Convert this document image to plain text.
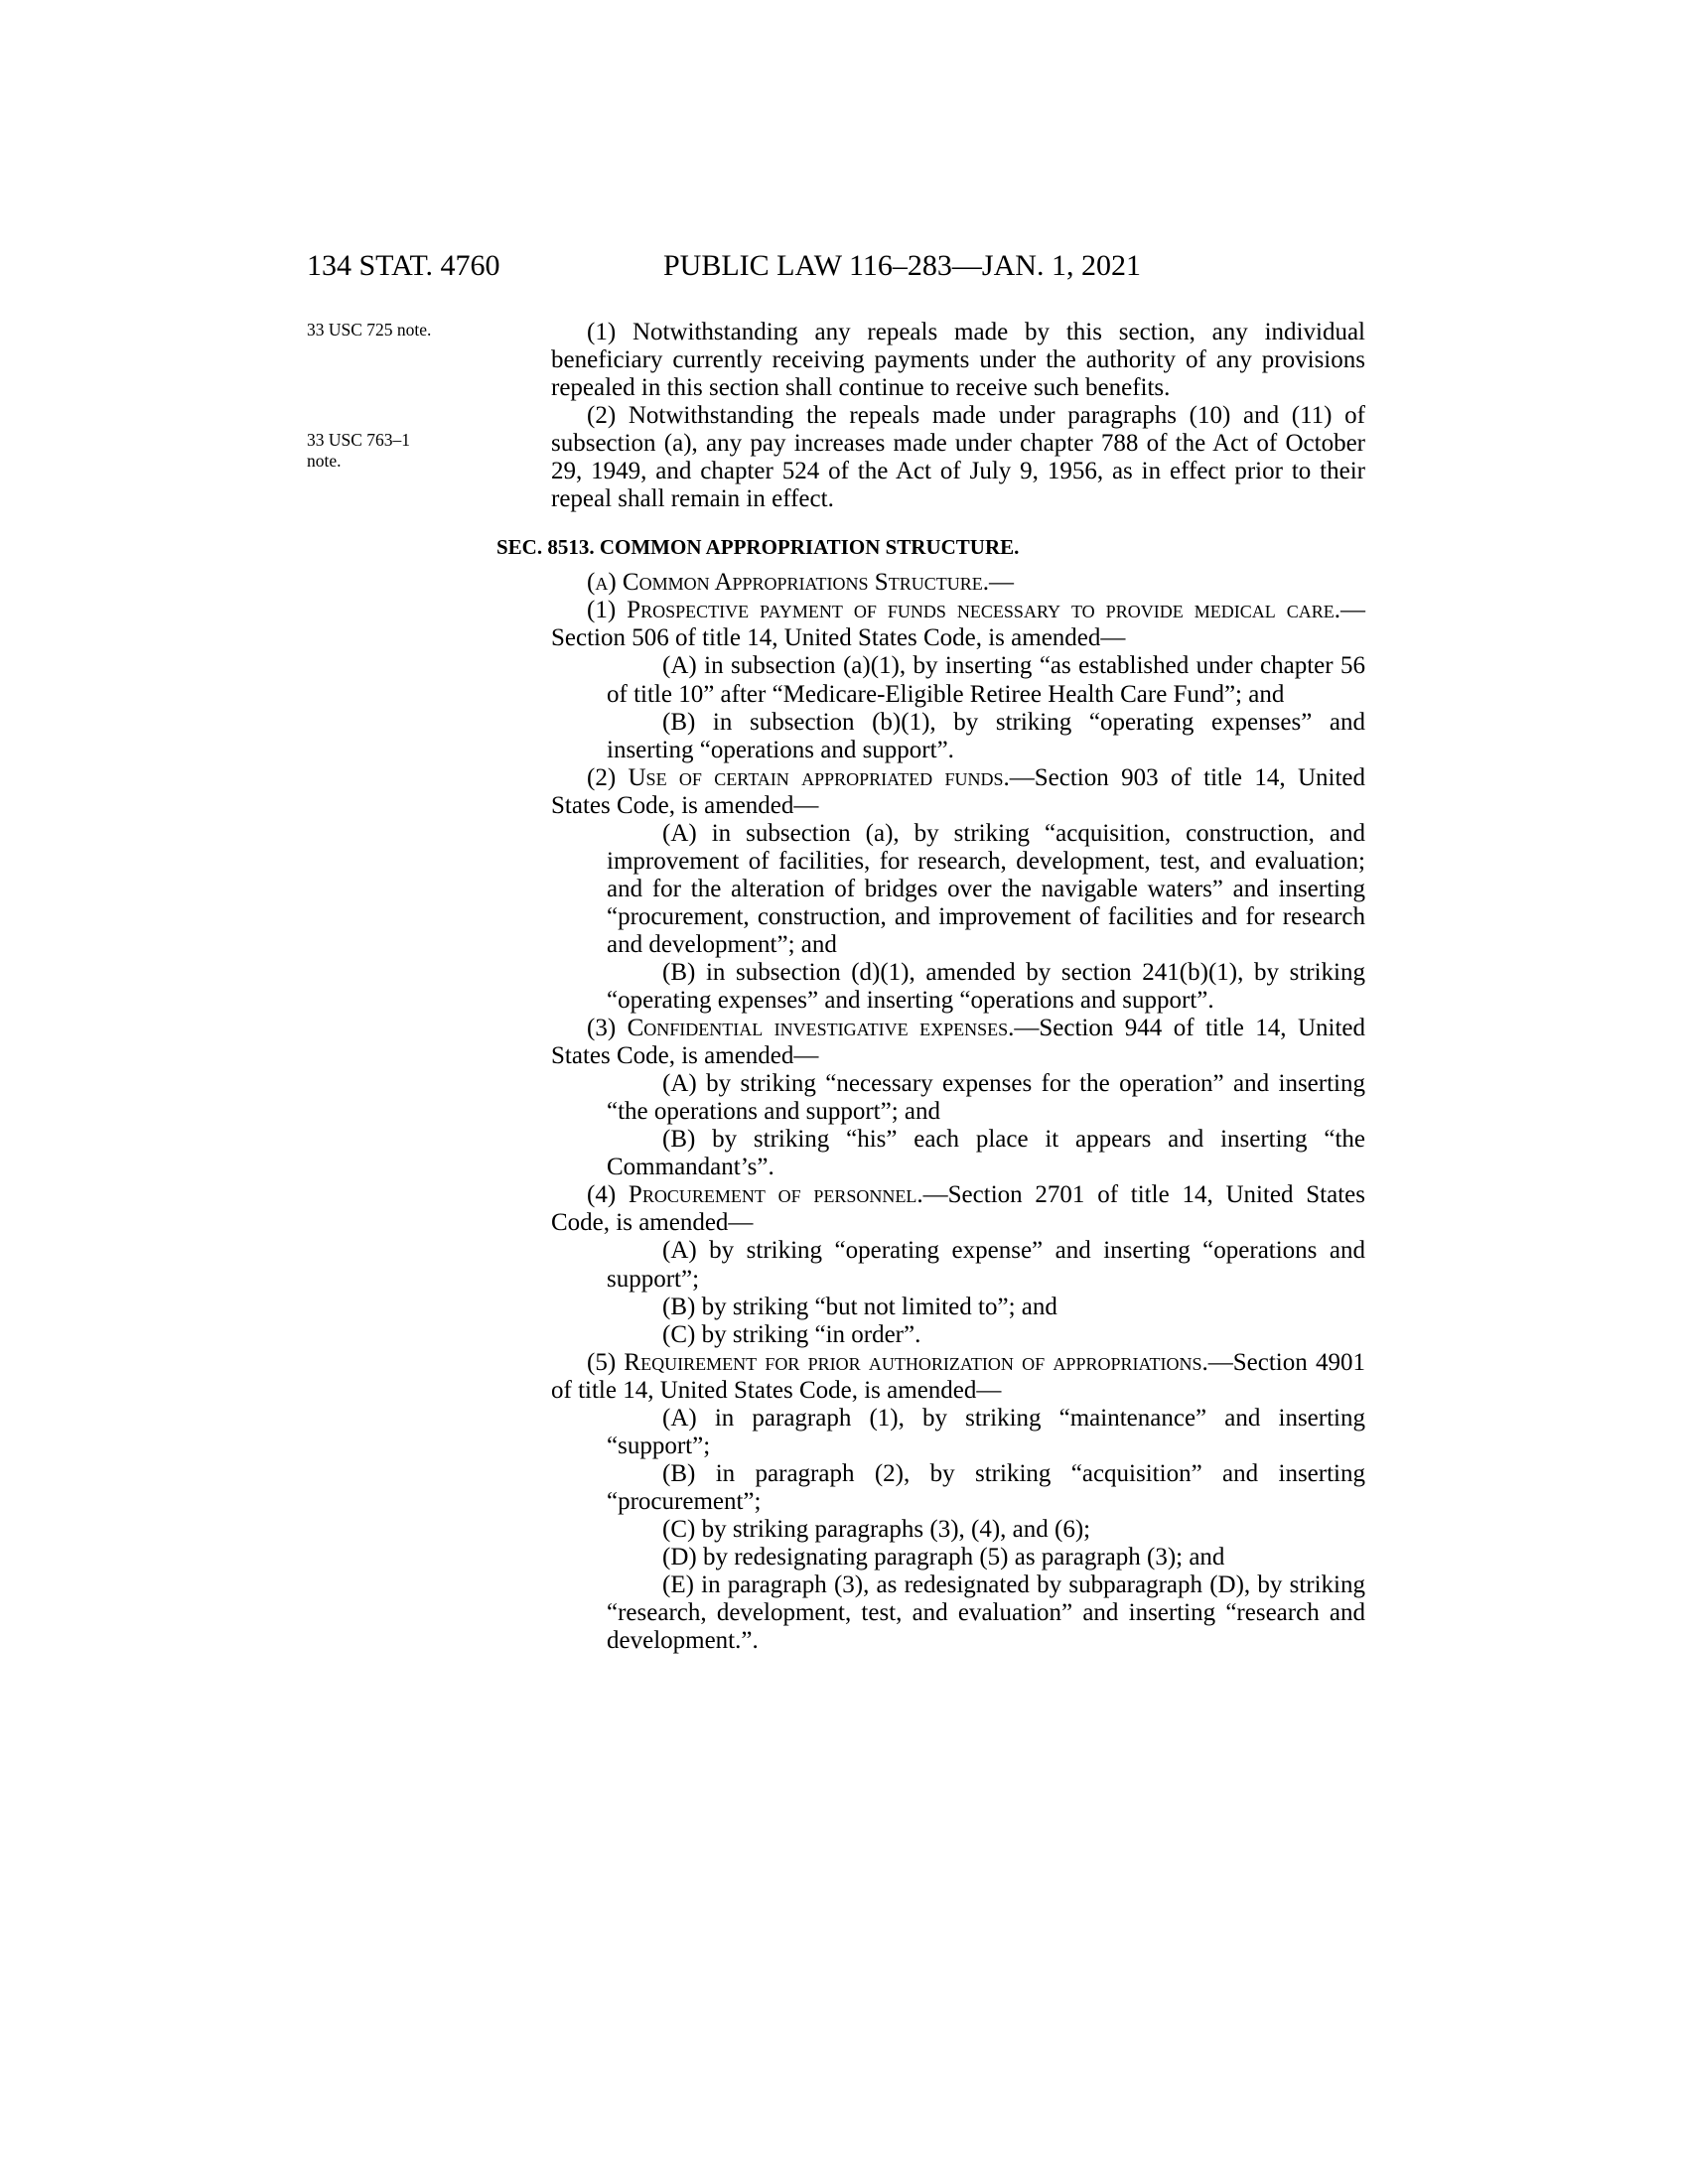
134 STAT. 4760	PUBLIC LAW 116–283—JAN. 1, 2021
33 USC 725 note.
33 USC 763–1 note.

(1) Notwithstanding any repeals made by this section, any individual beneficiary currently receiving payments under the authority of any provisions repealed in this section shall continue to receive such benefits.

(2) Notwithstanding the repeals made under paragraphs (10) and (11) of subsection (a), any pay increases made under chapter 788 of the Act of October 29, 1949, and chapter 524 of the Act of July 9, 1956, as in effect prior to their repeal shall remain in effect.

SEC. 8513. COMMON APPROPRIATION STRUCTURE.

(a) Common Appropriations Structure.—

(1) Prospective payment of funds necessary to provide medical care.—Section 506 of title 14, United States Code, is amended—

(A) in subsection (a)(1), by inserting “as established under chapter 56 of title 10” after “Medicare-Eligible Retiree Health Care Fund”; and

(B) in subsection (b)(1), by striking “operating expenses” and inserting “operations and support”.

(2) Use of certain appropriated funds.—Section 903 of title 14, United States Code, is amended—

(A) in subsection (a), by striking “acquisition, construction, and improvement of facilities, for research, development, test, and evaluation; and for the alteration of bridges over the navigable waters” and inserting “procurement, construction, and improvement of facilities and for research and development”; and

(B) in subsection (d)(1), amended by section 241(b)(1), by striking “operating expenses” and inserting “operations and support”.

(3) Confidential investigative expenses.—Section 944 of title 14, United States Code, is amended—

(A) by striking “necessary expenses for the operation” and inserting “the operations and support”; and

(B) by striking “his” each place it appears and inserting “the Commandant’s”.

(4) Procurement of personnel.—Section 2701 of title 14, United States Code, is amended—

(A) by striking “operating expense” and inserting “operations and support”;

(B) by striking “but not limited to”; and

(C) by striking “in order”.

(5) Requirement for prior authorization of appropriations.—Section 4901 of title 14, United States Code, is amended—

(A) in paragraph (1), by striking “maintenance” and inserting “support”;

(B) in paragraph (2), by striking “acquisition” and inserting “procurement”;

(C) by striking paragraphs (3), (4), and (6);

(D) by redesignating paragraph (5) as paragraph (3); and

(E) in paragraph (3), as redesignated by subparagraph (D), by striking “research, development, test, and evaluation” and inserting “research and development.”.
